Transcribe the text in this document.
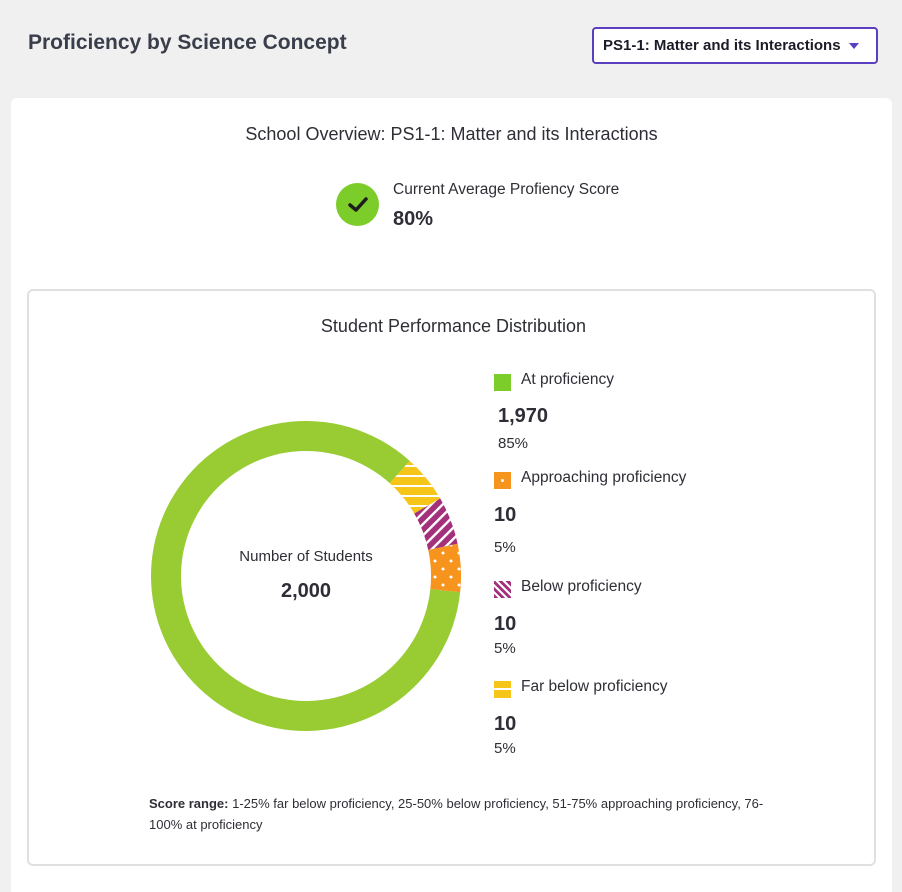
Proficiency by Science Concept	PS1-1: Matter and its Interactions
School Overview: PS1-1: Matter and its Interactions
Current Average Profiency Score
80%
Student Performance Distribution
Number of Students
2,000
At proficiency
1,970
85%
Approaching proficiency
10
5%
Below proficiency
10
5%
Far below proficiency
10
5%
Score range: 1-25% far below proficiency, 25-50% below proficiency, 51-75% approaching proficiency, 76-100% at proficiency
